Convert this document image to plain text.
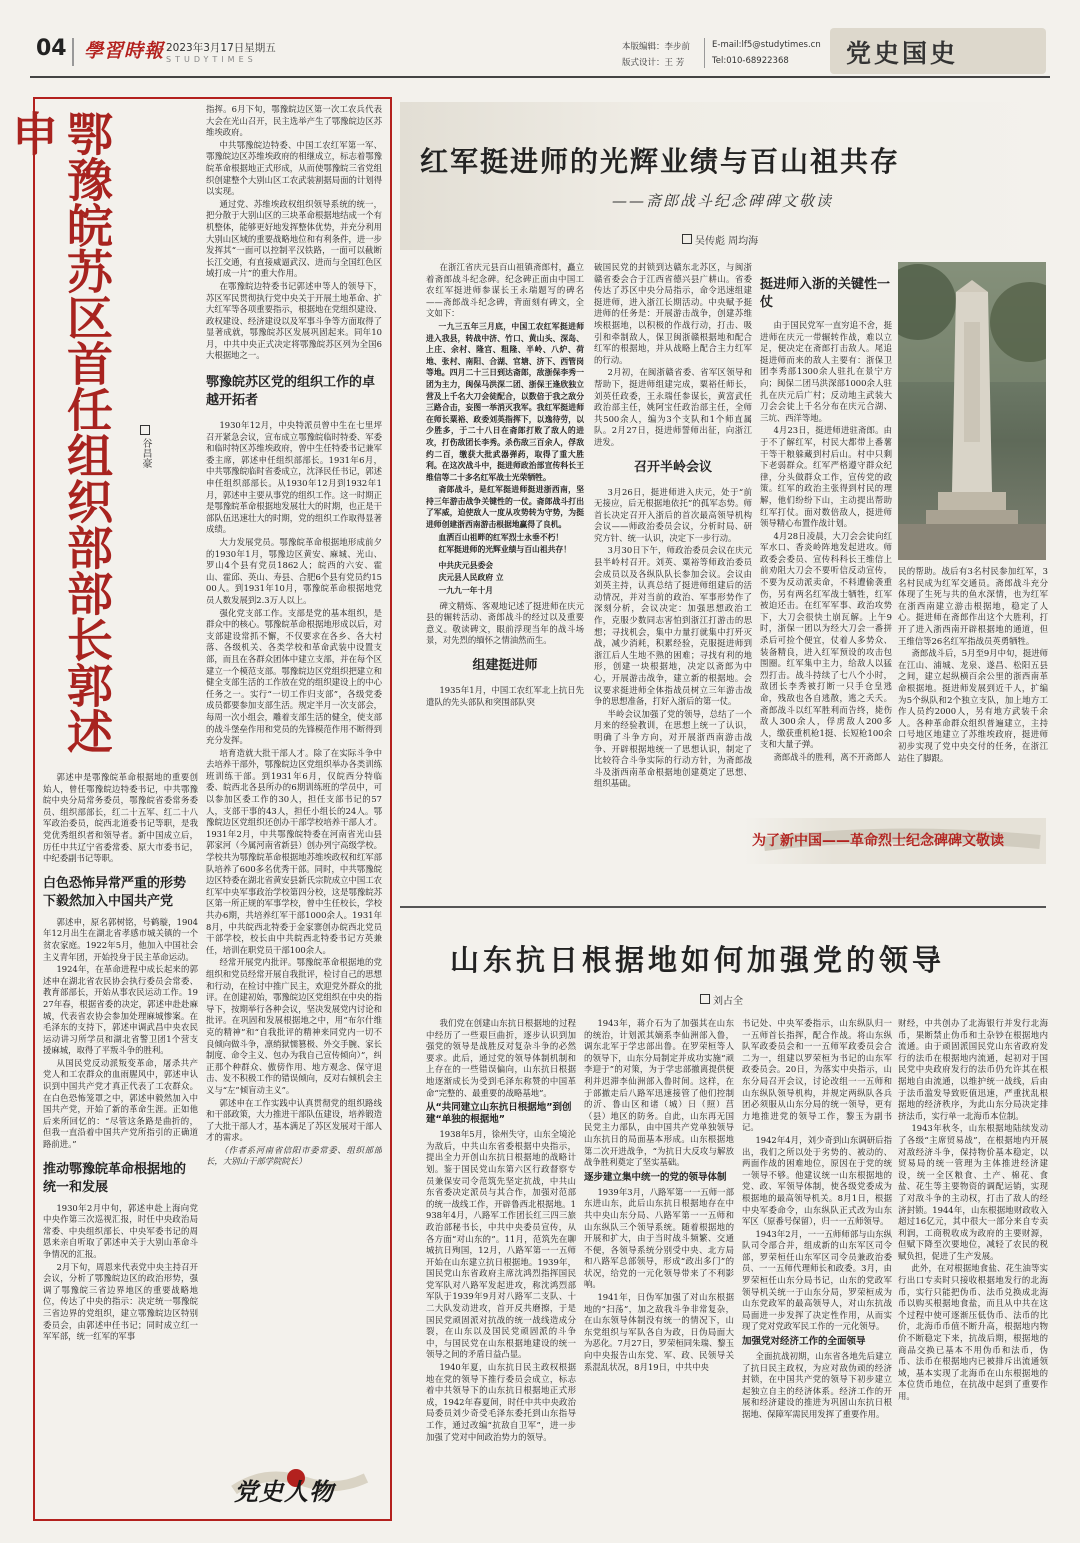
04 學習時報 2023年3月17日星期五
STUDYTIMES
本版编辑：李步前
版式设计：王 芳
E-mail:lf5@studytimes.cn
Tel:010-68922368 党史国史
鄂豫皖苏区首任组织部部长郭述申
谷昌豪

郭述申是鄂豫皖革命根据地的重要创始人，曾任鄂豫皖边特委书记，中共鄂豫皖中央分局常务委员，鄂豫皖省委常务委员、组织部部长，红二十五军、红二十八军政治委员，皖西北道委书记等职，是我党优秀组织者和领导者。新中国成立后，历任中共辽宁省委常委、原大市委书记，中纪委副书记等职。

白色恐怖异常严重的形势下毅然加入中国共产党

郭述申，原名郭树铭，号鹤璇，1904年12月出生在湖北省孝感市城关镇的一个贫农家庭。1922年5月，他加入中国社会主义青年团，开始投身于民主革命运动。

1924年，在革命进程中成长起来的郭述申在湖北省农民协会执行委员会常委、教育部部长，开始从事农民运动工作。1927年春，根据省委的决定，郭述申赴赴麻城，代表省农协会参加处理麻城惨案。在毛泽东的支持下，郭述申调武昌中央农民运动讲习所学员和湖北省警卫团1个营支援麻城，取得了平叛斗争的胜利。

从国民党反动派叛变革命，屠杀共产党人和工农群众的血雨腥风中，郭述申认识到中国共产党才真正代表了工农群众。在白色恐怖笼罩之中，郭述申毅然加入中国共产党，开始了新的革命生涯。正如他后来所回忆的：“尽管这条路是曲折的，但我一直沿着中国共产党所指引的正确道路前进。”

推动鄂豫皖革命根据地的统一和发展

1930年2月中旬，郭述申赴上海向党中央作第三次巡视汇报，时任中央政治局常委、中央组织部长、中央军委书记的周恩来亲自听取了郭述申关于大别山革命斗争情况的汇报。

2月下旬，周恩来代表党中央主持召开会议，分析了鄂豫皖边区的政治形势，强调了鄂豫皖三省边界地区的重要战略地位，传达了中央的指示：决定统一鄂豫皖三省边界的党组织，建立鄂豫皖边区特别委员会，由郭述申任书记；同时成立红一军军部，统一红军的军事

指挥。6月下旬，鄂豫皖边区第一次工农兵代表大会在光山召开，民主选举产生了鄂豫皖边区苏维埃政府。

中共鄂豫皖边特委、中国工农红军第一军、鄂豫皖边区苏维埃政府的相继成立，标志着鄂豫皖革命根据地正式形成，从而使鄂豫皖三省党组织创建整个大别山区工农武装割据局面的计划得以实现。

通过党、苏维埃政权组织领导系统的统一，把分散于大别山区的三块革命根据地结成一个有机整体，能够更好地发挥整体优势，并充分利用大别山区域的重要战略地位和有利条件，进一步发挥其“一面可以控制平汉铁路，一面可以截断长江交通，有直接威逼武汉、进而与全国红色区域打成一片”的重大作用。

在鄂豫皖边特委书记郭述申等人的领导下，苏区军民贯彻执行党中央关于开展土地革命、扩大红军等各项重要指示，根据地在党组织建设、政权建设、经济建设以及军事斗争等方面取得了显著成就，鄂豫皖苏区发展巩固起来。同年10月，中共中央正式决定将鄂豫皖苏区列为全国6大根据地之一。

鄂豫皖苏区党的组织工作的卓越开拓者

1930年12月，中央特派员曾中生在七里坪召开紧急会议，宣布成立鄂豫皖临时特委、军委和临时特区苏维埃政府，曾中生任特委书记兼军委主席，郭述申任组织部部长。1931年6月，中共鄂豫皖临时省委成立，沈泽民任书记，郭述申任组织部部长。从1930年12月到1932年1月，郭述申主要从事党的组织工作。这一时期正是鄂豫皖革命根据地发展壮大的时期，也正是干部队伍迅速壮大的时期，党的组织工作取得显著成绩。

大力发展党员。鄂豫皖革命根据地形成前夕的1930年1月，鄂豫边区黄安、麻城、光山、罗山4个县有党员1862人；皖西的六安、霍山、霍邱、英山、寿县、合肥6个县有党员约1500人。到1931年10月，鄂豫皖革命根据地党员人数发展到2.3万人以上。

强化党支部工作。支部是党的基本组织，是群众中的核心。鄂豫皖革命根据地形成以后，对支部建设常抓不懈，不仅要求在各乡、各大村落、各级机关、各类学校和革命武装中设置支部，而且在各群众团体中建立支部，并在每个区建立一个模范支部。鄂豫皖边区党组织把建立和健全支部生活的工作放在党的组织建设上的中心任务之一。实行“一切工作归支部”，各级党委成员都要参加支部生活。规定半月一次支部会，每周一次小组会，雕着支部生活的健全，使支部的战斗堡垒作用和党员的先锋模范作用不断得到充分发挥。

培育造就大批干部人才。除了在实际斗争中去培养干部外，鄂豫皖边区党组织举办各类训练班训练干部。到1931年6月，仅皖西分特临委、皖西北各县所办的6期训练班的学员中，可以参加区委工作的30人，担任支部书记的57人，支部干事的43人，担任小组长的24人。鄂豫皖边区党组织还创办干部学校培养干部人才。1931年2月，中共鄂豫皖特委在河南省光山县郭家河（今属河南省新县）创办列宁高级学校。学校共为鄂豫皖革命根据地苏维埃政权和红军部队培养了600多名优秀干部。同时，中共鄂豫皖边区特委在湖北省黄安县新氏宗院成立中国工农红军中央军事政治学校第四分校，这是鄂豫皖苏区第一所正规的军事学校，曾中生任校长，学校共办6期，共培养红军干部1000余人。1931年8月，中共皖西北特委于金家寨创办皖西北党员干部学校，校长由中共皖西北特委书记方英兼任，培训在职党员干部100余人。

经常开展党内批评。鄂豫皖革命根据地的党组织和党员经常开展自我批评，检讨自己的思想和行动，在检讨中推广民主，欢迎党外群众的批评。在创建初始，鄂豫皖边区党组织在中央的指导下，按期举行各种会议，坚决发展党内讨论和批评。在巩固和发展根据地之中，用“布尔什维克的精神”和“自我批评的精神来同党内一切不良倾向做斗争，凛绡狱懦篡极、外交手腕、家长制度、命令主义、包办为我自己宣传倾向）”，纠正那个种群众、傲傍作用、地方观念、保守退击、发不积极工作的错误倾向，反对右倾机会主义与“左”倾盲动主义”。

郭述申在工作实践中认真贯彻党的组织路线和干部政策，大力推进干部队伍建设，培养锻造了大批干部人才，基本满足了苏区发展对干部人才的需求。

（作者系河南省信阳市委常委、组织部部长，大别山干部学院院长）

党史人物
红军挺进师的光辉业绩与百山祖共存
——斋郎战斗纪念碑碑文敬读
吴传彪 周均海

在浙江省庆元县百山祖镇斋郎村，矗立着斋郎战斗纪念碑。纪念碑正面由中国工农红军挺进师参谋长王永瑞题写的碑名——斋郎战斗纪念碑，背面刻有碑文，全文如下：

一九三五年三月底，中国工农红军挺进师进入我县，转战中济、竹口、黄山头、深岛、上庄、余村、隆宫、粗隆、半岭、八炉、荷地、张村、南阳、合湖、官塘、济下、西管岗等地。四月二十三日到达斋郎，敌浙保李秀一团为主力，闽保马洪深二团、浙保王逢欣独立营及上千名大刀会徒配合，以数倍于我之敌分三路合击，妄图一举消灭我军。我红军挺进师在师长粟裕、政委刘英指挥下，以逸待劳，以少胜多，于二十八日在斋郎打败了敌人的进攻，打伤敌团长李秀。杀伤敌三百余人，俘敌约二百，缴获大批武器弹药，取得了重大胜利。在这次战斗中，挺进师政治部宣传科长王维信等二十多名红军战士光荣牺牲。

斋郎战斗，是红军挺进师挺进浙西南，坚持三年游击战争关键性的一仗。斋郎战斗打出了军威，迫使敌人一度从攻势转为守势，为挺进师创建浙西南游击根据地赢得了良机。

血洒百山祖畔的红军烈士永垂不朽！

红军挺进师的光辉业绩与百山祖共存！

中共庆元县委会

庆元县人民政府 立

一九九一年十月

碑文精炼、客观地记述了挺进师在庆元县的辗转活动、斋郎战斗的经过以及重要意义。敬读碑文，眼前浮现当年的战斗场景，对先烈的缅怀之情油然而生。

组建挺进师

1935年1月，中国工农红军北上抗日先遣队的先头部队和突围部队突

破国民党的封锁到达赣东北苏区，与闽浙赣省委会合于江西省德兴县广耕山。省委传达了苏区中央分局指示，命令迅速组建挺进师，进入浙江长期活动。中央赋予挺进师的任务是：开展游击战争，创建苏维埃根据地，以积极的作战行动，打击、吸引和牵制敌人，保卫闽浙赣根据地和配合红军的根据地，并从战略上配合主力红军的行动。

2月初，在闽浙赣省委、省军区领导和帮助下，挺进师组建完成，粟裕任师长，刘英任政委，王永瑞任参谋长，黄富武任政治部主任，姚阿宝任政治部主任，全师共500余人，编为3个支队和1个师直属队。2月27日，挺进师誓师出征，向浙江进发。

召开半岭会议

3月26日，挺进师进入庆元，处于“前无接应，后无根据地依托”的孤军态势。师首长决定召开入浙后的首次最高领导机构会议——师政治委员会议，分析时局、研究方针、统一认识，决定下一步行动。

3月30日下午，师政治委员会议在庆元县半岭村召开。刘英、粟裕等师政治委员会成员以及各纵队队长参加会议。会议由刘英主持，认真总结了挺进师组建后的活动情况，并对当前的政治、军事形势作了深刻分析，会议决定：加强思想政治工作，克服少数同志害怕到浙江打游击的思想；寻找机会，集中力量打就集中打歼灭战，减少消耗，积累经验，克服挺进师到浙江后人生地不熟的困难；寻找有利的地形，创建一块根据地，决定以斋郎为中心，开展游击战争，建立新的根据地。会议要求挺进师全体指战员树立三年游击战争的思想准备，打好入浙后的第一仗。

半岭会议加强了党的领导，总结了一个月来的经验教训，在思想上统一了认识，明确了斗争方向，对开展浙西南游击战争、开辟根据地统一了思想认识，制定了比较符合斗争实际的行动方针，为斋郎战斗及浙西南革命根据地创建奠定了思想、组织基础。

挺进师入浙的关键性一仗

由于国民党军一直穷追不舍，挺进师在庆元一带辗转作战，难以立足，便决定在斋郎打击敌人。尾追挺进师而来的敌人主要有：浙保卫团李秀部1300余人驻扎在景宁方向；闽保二团马洪深部1000余人驻扎在庆元后广村；反动地主武装大刀会会徒上千名分布在庆元合湖、三坑、西洋等地。

4月23日，挺进师进驻斋郎。由于不了解红军，村民大都带上番薯干等干粮躲藏到村后山。村中只剩下老弱群众。红军严格遵守群众纪律，分头做群众工作，宣传党的政策。红军的政治主张得到村民的理解，他们纷纷下山，主动提出帮助红军打仗。面对数倍敌人，挺进师领导精心布置作战计划。

4月28日凌晨，大刀会会徒向红军水口、香炎岭阵地发起进攻。师政委会委员、宣传科科长王维信上前劝阻大刀会不要听信反动宣传，不要为反动派卖命，不料遭偷袭重伤，另有两名红军战士牺牲，红军被迫还击。在红军军事、政治攻势下，大刀会很快土崩瓦解。上午9时，浙保一团以为经大刀会一番拼杀后可捡个便宜，仗着人多势众、装备精良，进入红军预设的攻击包围圈。红军集中主力，给敌人以猛烈打击。战斗持续了七八个小时，敌团长李秀被打断一只手仓皇逃命，残敌也各自逃散，逃之夭夭。斋郎战斗以红军胜利而告终，毙伤敌人300余人，俘虏敌人200多人，缴获重机枪1挺、长短枪100余支和大量子弹。

斋郎战斗的胜利，离不开斋郎人

民的帮助。战后有3名村民参加红军，3名村民成为红军交通员。斋郎战斗充分体现了生死与共的鱼水深情，也为红军在浙西南建立游击根据地，稳定了人心。挺进师在斋郎作出这个大胜利，打开了进入浙西南开辟根据地的通道，但王维信等26名红军指战员英勇牺牲。

斋郎战斗后，5月至9月中旬，挺进师在江山、浦城、龙泉、遂昌、松阳五县之间，建立起纵横百余公里的浙西南革命根据地。挺进师发展到近千人，扩编为5个纵队和2个独立支队，加上地方工作人员约2000人，另有地方武装千余人。各种革命群众组织普遍建立，主持口号地区地建立了苏维埃政府，挺进师初步实现了党中央交付的任务，在浙江站住了脚跟。

为了新中国——革命烈士纪念碑碑文敬读
山东抗日根据地如何加强党的领导
刘占全

我们党在创建山东抗日根据地的过程中经历了一些艰巨曲折，逐步认识到加强党的领导是战胜反对复杂斗争的必然要求。此后，通过党的领导体制机制和上存在的一些错误偏向，山东抗日根据地逐渐成长为受到毛泽东称赞的中国革命“完整的、最重要的战略基地”。

从“共同建立山东抗日根据地”到创建“单独的根据地”

1938年5月，徐州失守，山东全境沦为敌后，中共山东省委根据中央指示，提出全力开创山东抗日根据地的战略计划。鉴于国民党山东第六区行政督察专员兼保安司令范筑先坚定抗战，中共山东省委决定派员与其合作，加强对范部的统一战线工作，开辟鲁西北根据地。1938年4月，八路军工作团长红三四三旅政治部秘书长，中共中央委员宣传，从各方面“对山东的”。11月，范筑先在聊城抗日殉国，12月，八路军第一一五师开始在山东建立抗日根据地。1939年，国民党山东省政府主席沈鸿烈指挥国民党军队对八路军发起进攻，称沈鸿烈部军队于1939年9月对八路军二支队、十二大队发动进攻，首开反共磨擦，于是国民党顽固派对抗战的统一战线造成分裂，在山东以及国民党顽固派的斗争中，与国民党在山东根据地建设的统一领导之间的矛盾日益凸显。

1940年夏，山东抗日民主政权根据地在党的领导下推行委员会成立，标志着中共领导下的山东抗日根据地正式形成，1942年春夏间，时任中共中央政治局委员刘少奇受毛泽东委托到山东指导工作，通过改编“抗敌自卫军”，进一步加强了党对中间政治势力的领导。

1943年，蒋介石为了加强其在山东的统治，计划派其嫡系李仙洲部入鲁，调东北军于学忠部出鲁。在罗荣桓等人的领导下，山东分局制定并成功实施“顽李迎于”的对策，为于学忠部撤离提供便利并迟滞李仙洲部入鲁时间。这样，在于部撤走后八路军迅速接管了他们控制的沂、鲁山区和诸（城）日（照）莒（县）地区的防务。自此，山东再无国民党主力部队，由中国共产党单独领导山东抗日的局面基本形成。山东根据地第二次开进战争，“为抗日大反攻与解放战争胜利奠定了坚实基础。

逐步建立集中统一的党的领导体制

1939年3月，八路军第一一五师一部东进山东，此后山东抗日根据地存在中共中央山东分局、八路军第一一五师和山东纵队三个领导系统。随着根据地的开展和扩大，由于当时战斗频繁、交通不便，各领导系统分别受中央、北方局和八路军总部领导，形成“政出多门”的状况，给党的一元化领导带来了不利影响。

1941年，日伪军加强了对山东根据地的“扫荡”，加之敌我斗争非常复杂，在山东领导体制没有统一的情况下，山东党组织与军队各自为政，日伪局面大为恶化。7月27日，罗荣桓同朱瑞、黎玉向中央报告山东党、军、政、民领导关系混乱状况，8月19日，中共中央

书记处、中央军委指示，山东纵队归一一五师首长指挥，配合作战。将山东纵队军政委员会和一一五师军政委员会合二为一，组建以罗荣桓为书记的山东军政委员会。20日，为落实中央指示，山东分局召开会议，讨论改组一一五师和山东纵队领导机构，并规定两纵队各兵团必须服从山东分局的统一领导，更有力地推进党的领导工作，黎玉为副书记。

1942年4月，刘少奇到山东调研后指出，我们之所以处于劣势的、被动的、两面作战的困难地位，原因在于党的统一领导不够。他建议统一山东根据地的党、政、军领导体制，使各级党委成为根据地的最高领导机关。8月1日，根据中央军委命令，山东纵队正式改为山东军区（原番号保留），归一一五师领导。

1943年2月，一一五师师部与山东纵队司令部合并，组成新的山东军区司令部，罗荣桓任山东军区司令员兼政治委员、一一五师代理师长和政委。3月，由罗荣桓任山东分局书记，山东的党政军领导机关统一于山东分局，罗荣桓成为山东党政军的最高领导人，对山东抗战局面进一步发挥了决定性作用，从而实现了党对党政军民工作的一元化领导。

加强党对经济工作的全面领导

全面抗战初期，山东省各地先后建立了抗日民主政权，为应对敌伪顽的经济封锁，在中国共产党的领导下初步建立起独立自主的经济体系。经济工作的开展和经济建设的推进为巩固山东抗日根据地、保障军需民用发挥了重要作用。

财经，中共创办了北海银行并发行北海币，果断禁止伪币和土杂钞在根据地内流通。由于顽固派国民党山东省政府发行的法币在根据地内流通，起初对于国民党中央政府发行的法币仍允许其在根据地自由流通，以维护统一战线，后由于法币滥发导致贬值迅速，严重扰乱根据地的经济秩序，为此山东分局决定排挤法币，实行单一北海币本位制。

1943年秋冬，山东根据地陆续发动了各级“主席贸易战”，在根据地内开展对敌经济斗争，保持物价基本稳定，以贸易局的统一管理为主体推进经济建设，统一全区粮食、土产、棉花、食盐、花生等主要物资的调配运销，实现了对敌斗争的主动权，打击了敌人的经济封锁。1944年，山东根据地财政收入超过16亿元，其中很大一部分来自专卖利润，工商税收成为政府的主要财源，但赋下降至次要地位，减轻了农民的税赋负担，促进了生产发展。

此外，在对根据地食盐、花生油等实行出口专卖时只接收根据地发行的北海币，实行只能把伪币、法币兑换成北海币以购买根据地食盐，而且从中共在这个过程中使可逐渐压低伪币、法币的比价，北海币币值不断升高，根据地内物价不断稳定下来，抗战后期，根据地的商品交换已基本不用伪币和法币，伪币、法币在根据地内已被排斥出流通领域，基本实现了北海币在山东根据地的本位货币地位，在抗战中起到了重要作用。
